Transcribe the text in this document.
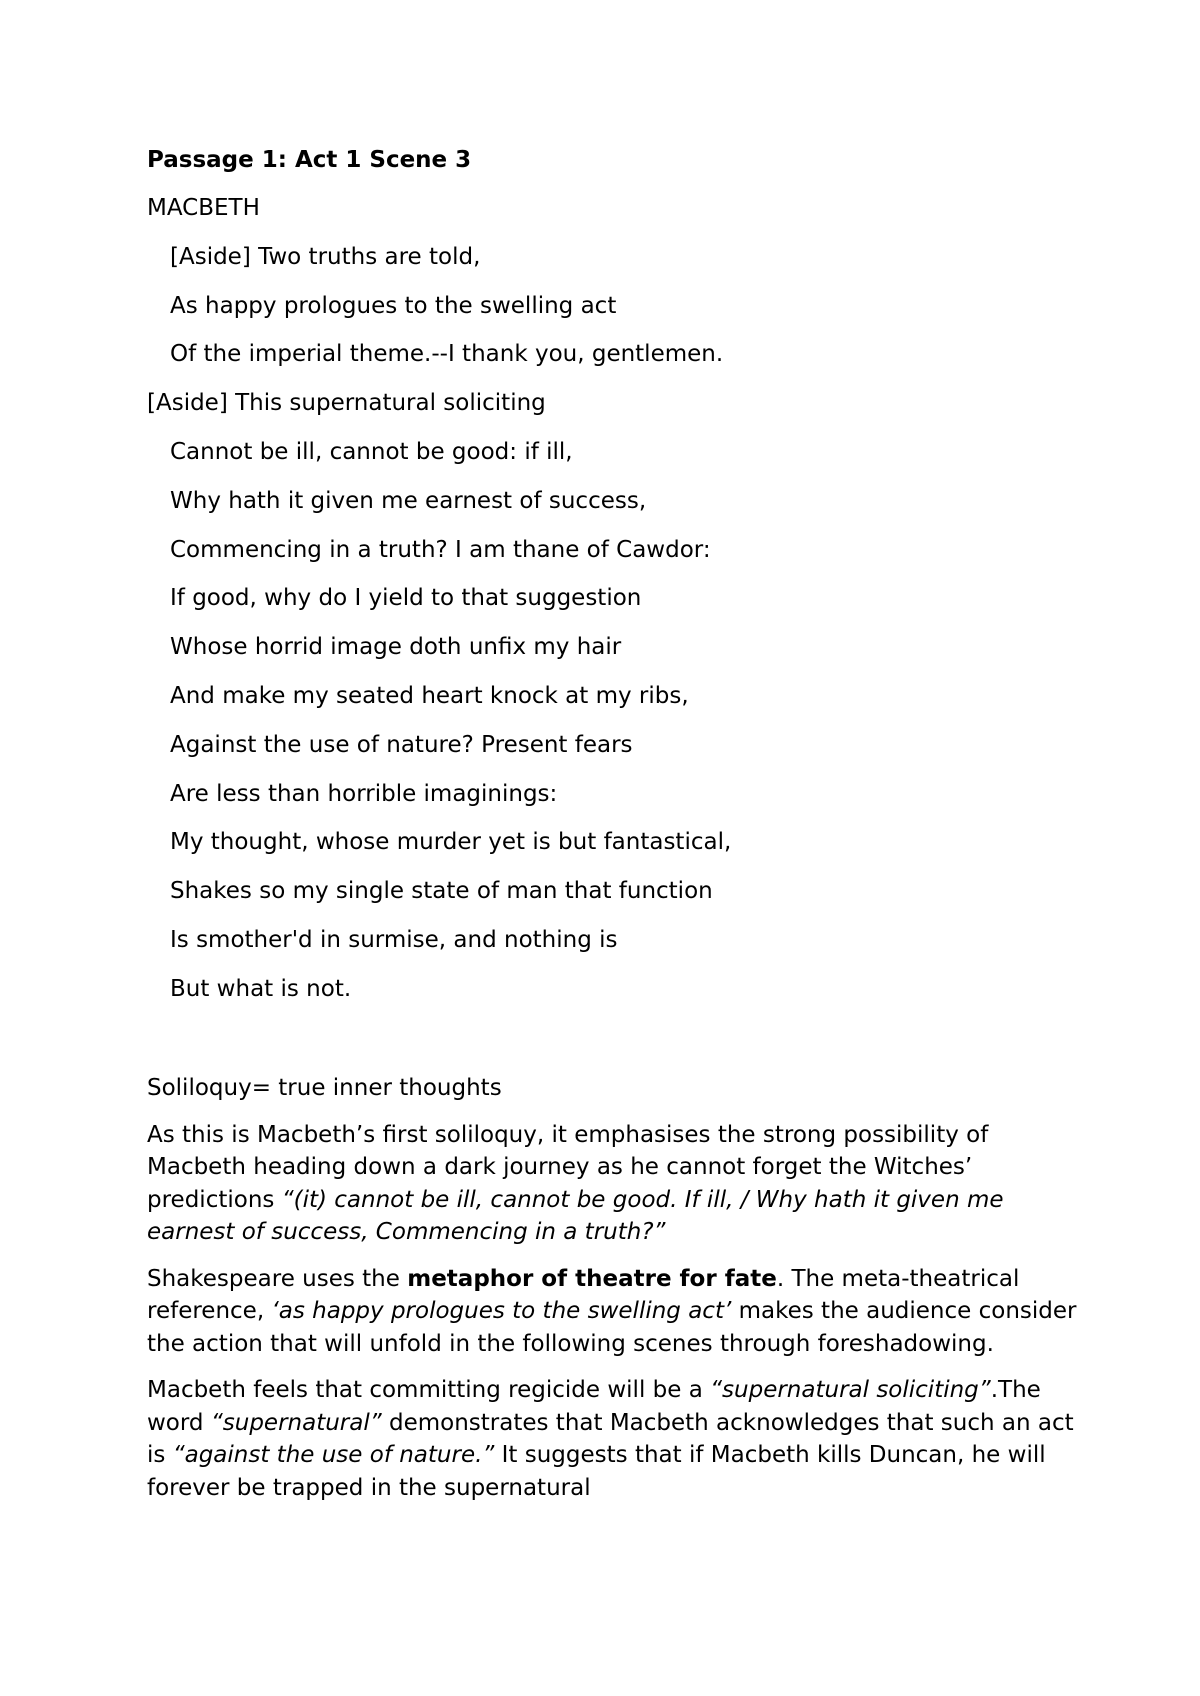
Passage 1: Act 1 Scene 3
MACBETH
[Aside] Two truths are told,
As happy prologues to the swelling act
Of the imperial theme.--I thank you, gentlemen.
[Aside] This supernatural soliciting
Cannot be ill, cannot be good: if ill,
Why hath it given me earnest of success,
Commencing in a truth? I am thane of Cawdor:
If good, why do I yield to that suggestion
Whose horrid image doth unfix my hair
And make my seated heart knock at my ribs,
Against the use of nature? Present fears
Are less than horrible imaginings:
My thought, whose murder yet is but fantastical,
Shakes so my single state of man that function
Is smother'd in surmise, and nothing is
But what is not.

Soliloquy= true inner thoughts

As this is Macbeth’s first soliloquy, it emphasises the strong possibility of Macbeth heading down a dark journey as he cannot forget the Witches’ predictions “(it) cannot be ill, cannot be good. If ill, / Why hath it given me earnest of success, Commencing in a truth?”

Shakespeare uses the metaphor of theatre for fate. The meta-theatrical reference, ‘as happy prologues to the swelling act’ makes the audience consider the action that will unfold in the following scenes through foreshadowing.

Macbeth feels that committing regicide will be a “supernatural soliciting”.The word “supernatural” demonstrates that Macbeth acknowledges that such an act is “against the use of nature.” It suggests that if Macbeth kills Duncan, he will forever be trapped in the supernatural
